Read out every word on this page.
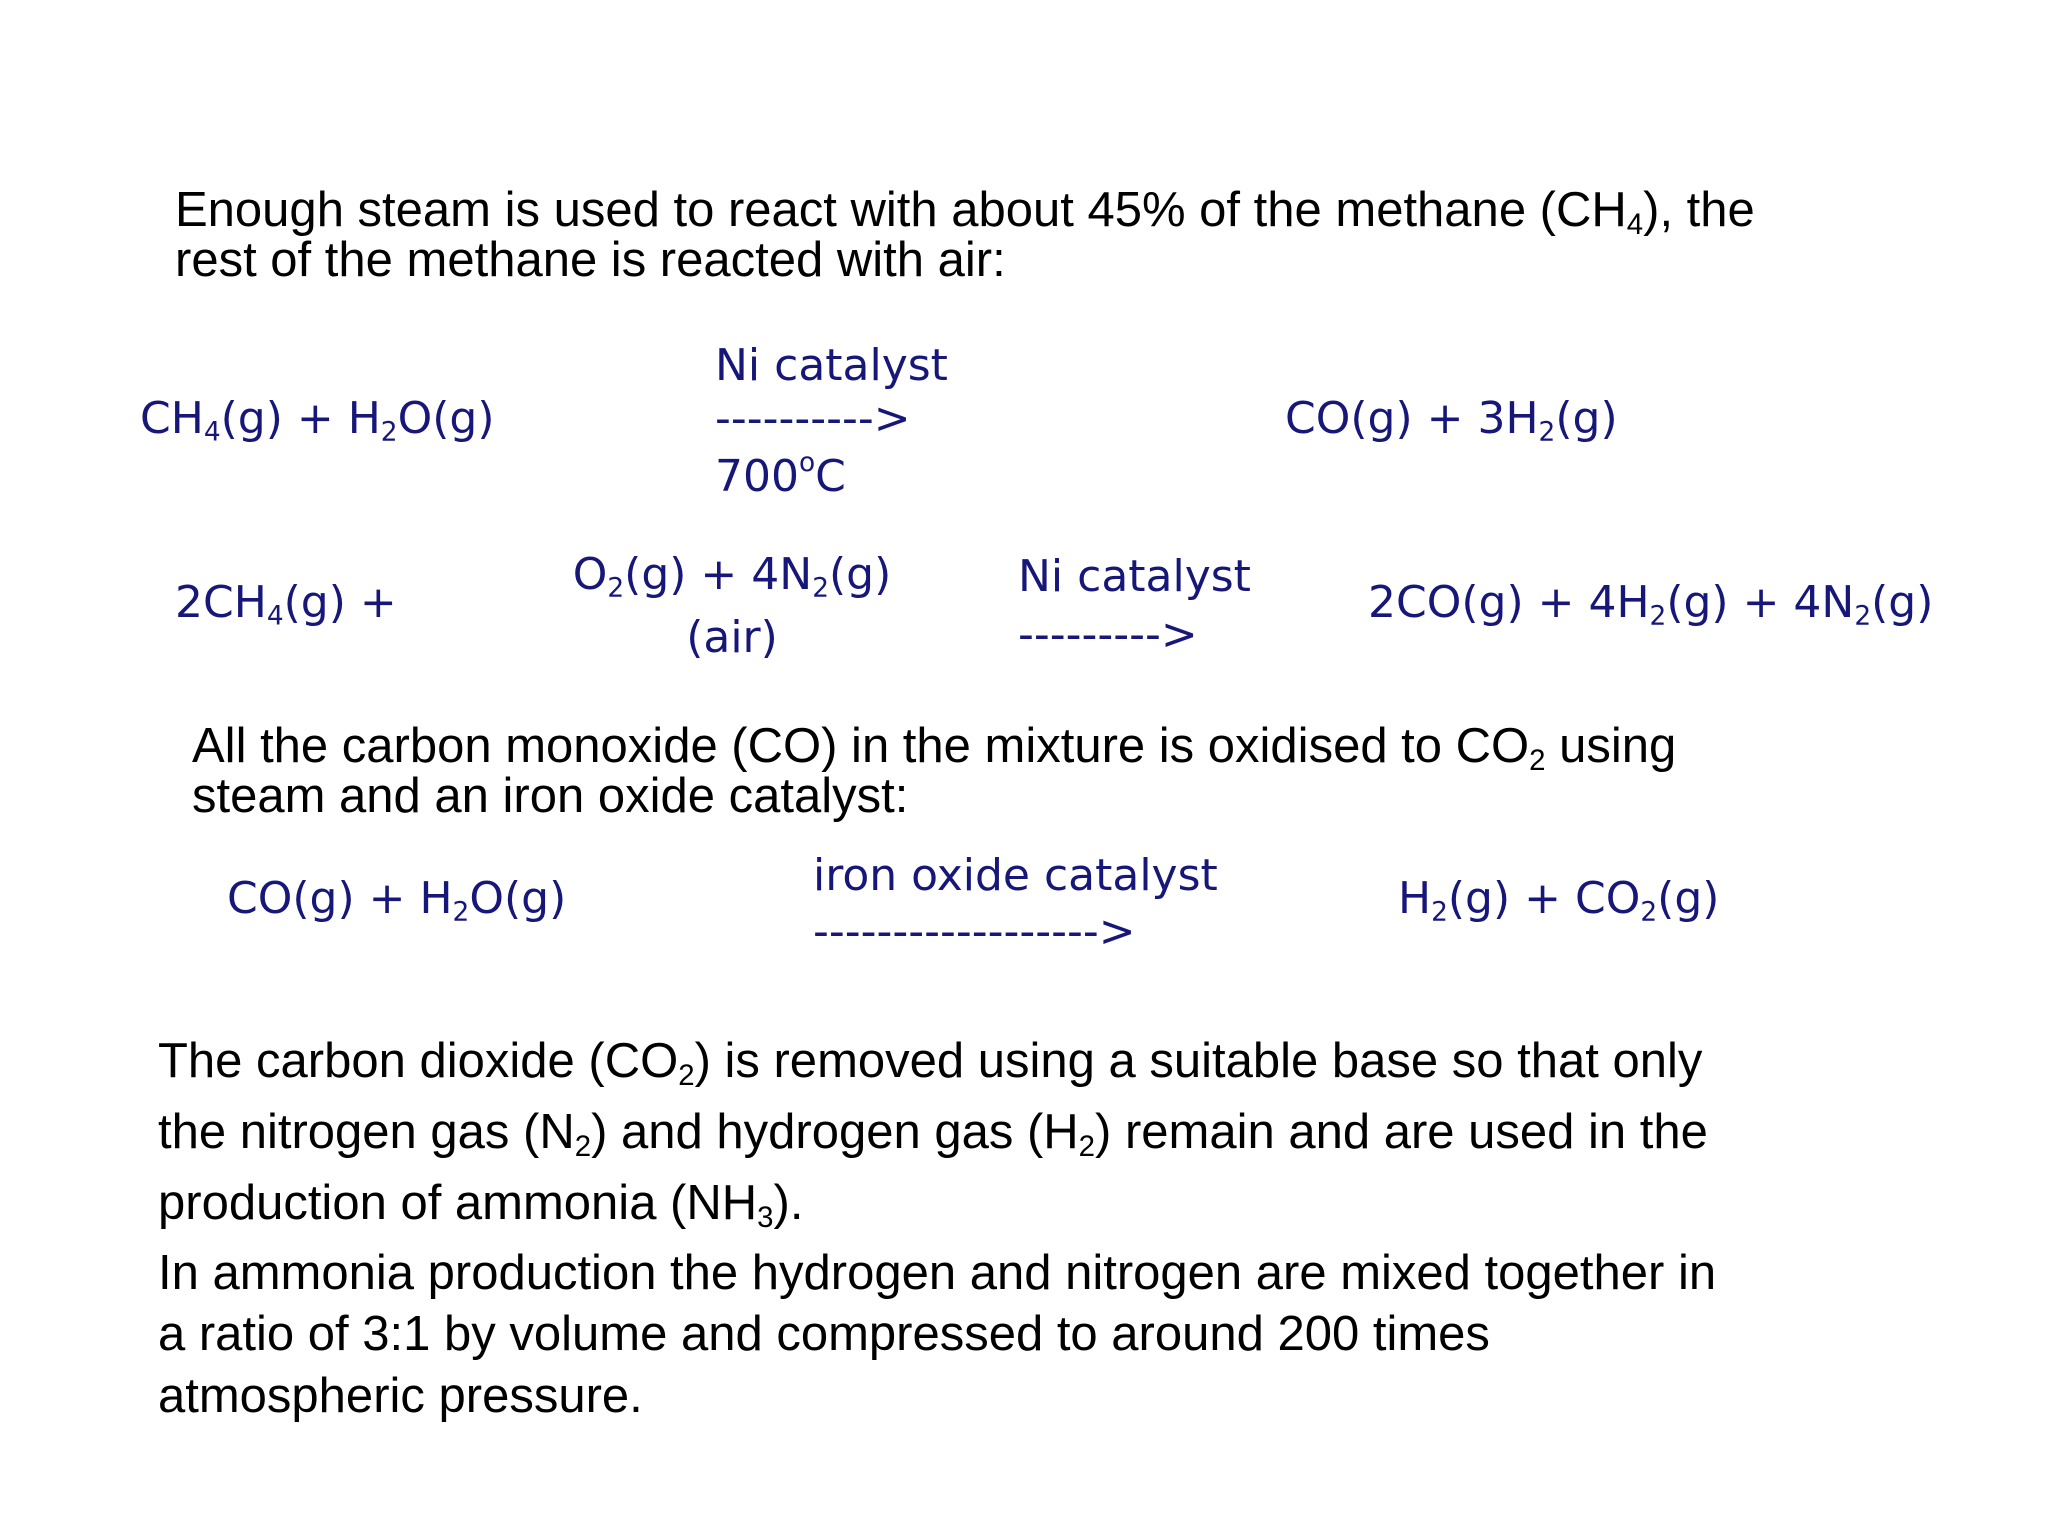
Enough steam is used to react with about 45% of the methane $(CH_4)$, the

rest of the methane is reacted with air:

$CH_4(g) + H_2O(g)$
Ni catalyst
---------->
$700^oC$
$CO(g) + 3H_2(g)$
$2CH_4(g)$ +
$O_2(g) + 4N_2(g)$
(air)
Ni catalyst
--------->
$2CO(g) + 4H_2(g) + 4N_2(g)$

All the carbon monoxide (CO) in the mixture is oxidised to $CO_2$ using

steam and an iron oxide catalyst:

$CO(g) + H_2O(g)$	iron oxide catalyst
------------------>
$H_2(g) + CO_2(g)$

The carbon dioxide $(CO_2)$ is removed using a suitable base so that only

the nitrogen gas $(N_2)$ and hydrogen gas $(H_2)$ remain and are used in the

production of ammonia $(NH_3)$.

In ammonia production the hydrogen and nitrogen are mixed together in

a ratio of 3:1 by volume and compressed to around 200 times

atmospheric pressure.
